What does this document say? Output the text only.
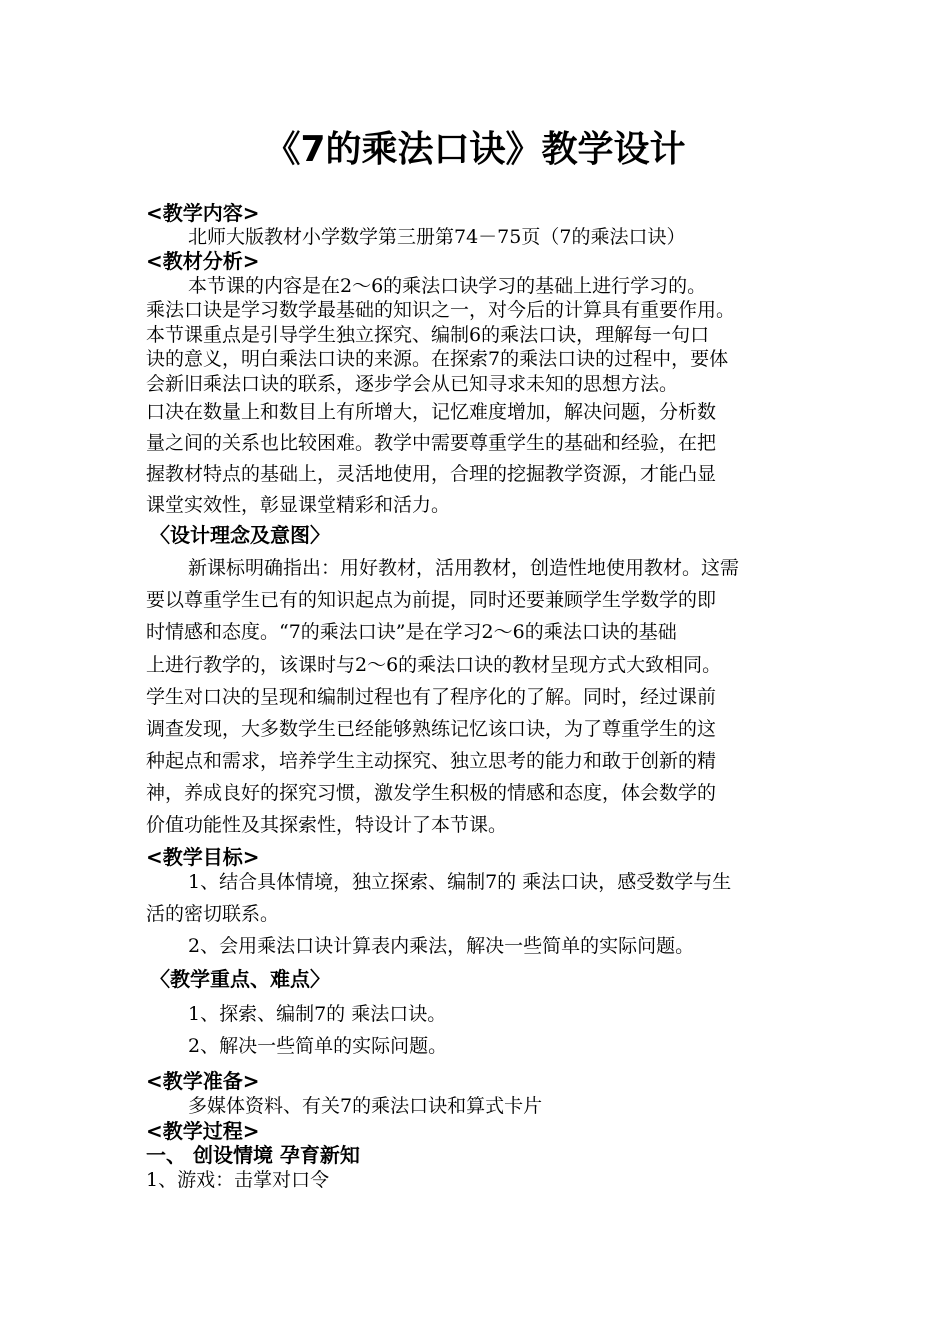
《7的乘法口诀》教学设计
<教学内容>
北师大版教材小学数学第三册第74－75页（7的乘法口诀）
<教材分析>
本节课的内容是在2～6的乘法口诀学习的基础上进行学习的。
乘法口诀是学习数学最基础的知识之一，对今后的计算具有重要作用。
本节课重点是引导学生独立探究、编制6的乘法口诀，理解每一句口
诀的意义，明白乘法口诀的来源。在探索7的乘法口诀的过程中，要体
会新旧乘法口诀的联系，逐步学会从已知寻求未知的思想方法。
口决在数量上和数目上有所增大，记忆难度增加，解决问题，分析数
量之间的关系也比较困难。教学中需要尊重学生的基础和经验，在把
握教材特点的基础上，灵活地使用，合理的挖掘教学资源，才能凸显
课堂实效性，彰显课堂精彩和活力。
〈设计理念及意图〉
新课标明确指出：用好教材，活用教材，创造性地使用教材。这需
要以尊重学生已有的知识起点为前提，同时还要兼顾学生学数学的即
时情感和态度。“7的乘法口诀”是在学习2～6的乘法口诀的基础
上进行教学的，该课时与2～6的乘法口诀的教材呈现方式大致相同。
学生对口决的呈现和编制过程也有了程序化的了解。同时，经过课前
调查发现，大多数学生已经能够熟练记忆该口诀，为了尊重学生的这
种起点和需求，培养学生主动探究、独立思考的能力和敢于创新的精
神，养成良好的探究习惯，激发学生积极的情感和态度，体会数学的
价值功能性及其探索性，特设计了本节课。
<教学目标>
1、结合具体情境，独立探索、编制7的 乘法口诀，感受数学与生
活的密切联系。
2、会用乘法口诀计算表内乘法，解决一些简单的实际问题。
〈教学重点、难点〉
1、探索、编制7的 乘法口诀。
2、解决一些简单的实际问题。
<教学准备>
多媒体资料、有关7的乘法口诀和算式卡片
<教学过程>
一、 创设情境 孕育新知
1、游戏：击掌对口令
